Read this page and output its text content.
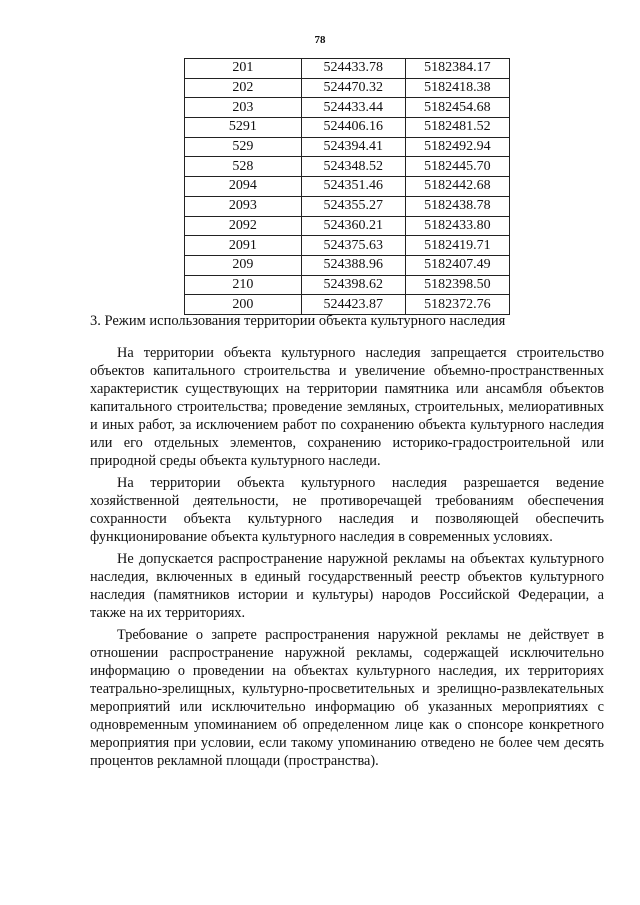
78
201	524433.78	5182384.17
202	524470.32	5182418.38
203	524433.44	5182454.68
5291	524406.16	5182481.52
529	524394.41	5182492.94
528	524348.52	5182445.70
2094	524351.46	5182442.68
2093	524355.27	5182438.78
2092	524360.21	5182433.80
2091	524375.63	5182419.71
209	524388.96	5182407.49
210	524398.62	5182398.50
200	524423.87	5182372.76
3. Режим использования территории объекта культурного наследия

На территории объекта культурного наследия запрещается строительство объектов капитального строительства и увеличение объемно-пространственных характеристик существующих на территории памятника или ансамбля объектов капитального строительства; проведение земляных, строительных, мелиоративных и иных работ, за исключением работ по сохранению объекта культурного наследия или его отдельных элементов, сохранению историко-градостроительной или природной среды объекта культурного наследи.

На территории объекта культурного наследия разрешается ведение хозяйственной деятельности, не противоречащей требованиям обеспечения сохранности объекта культурного наследия и позволяющей обеспечить функционирование объекта культурного наследия в современных условиях.

Не допускается распространение наружной рекламы на объектах культурного наследия, включенных в единый государственный реестр объектов культурного наследия (памятников истории и культуры) народов Российской Федерации, а также на их территориях.

Требование о запрете распространения наружной рекламы не действует в отношении распространение наружной рекламы, содержащей исключительно информацию о проведении на объектах культурного наследия, их территориях театрально-зрелищных, культурно-просветительных и зрелищно-развлекательных мероприятий или исключительно информацию об указанных мероприятиях с одновременным упоминанием об определенном лице как о спонсоре конкретного мероприятия при условии, если такому упоминанию отведено не более чем десять процентов рекламной площади (пространства).
